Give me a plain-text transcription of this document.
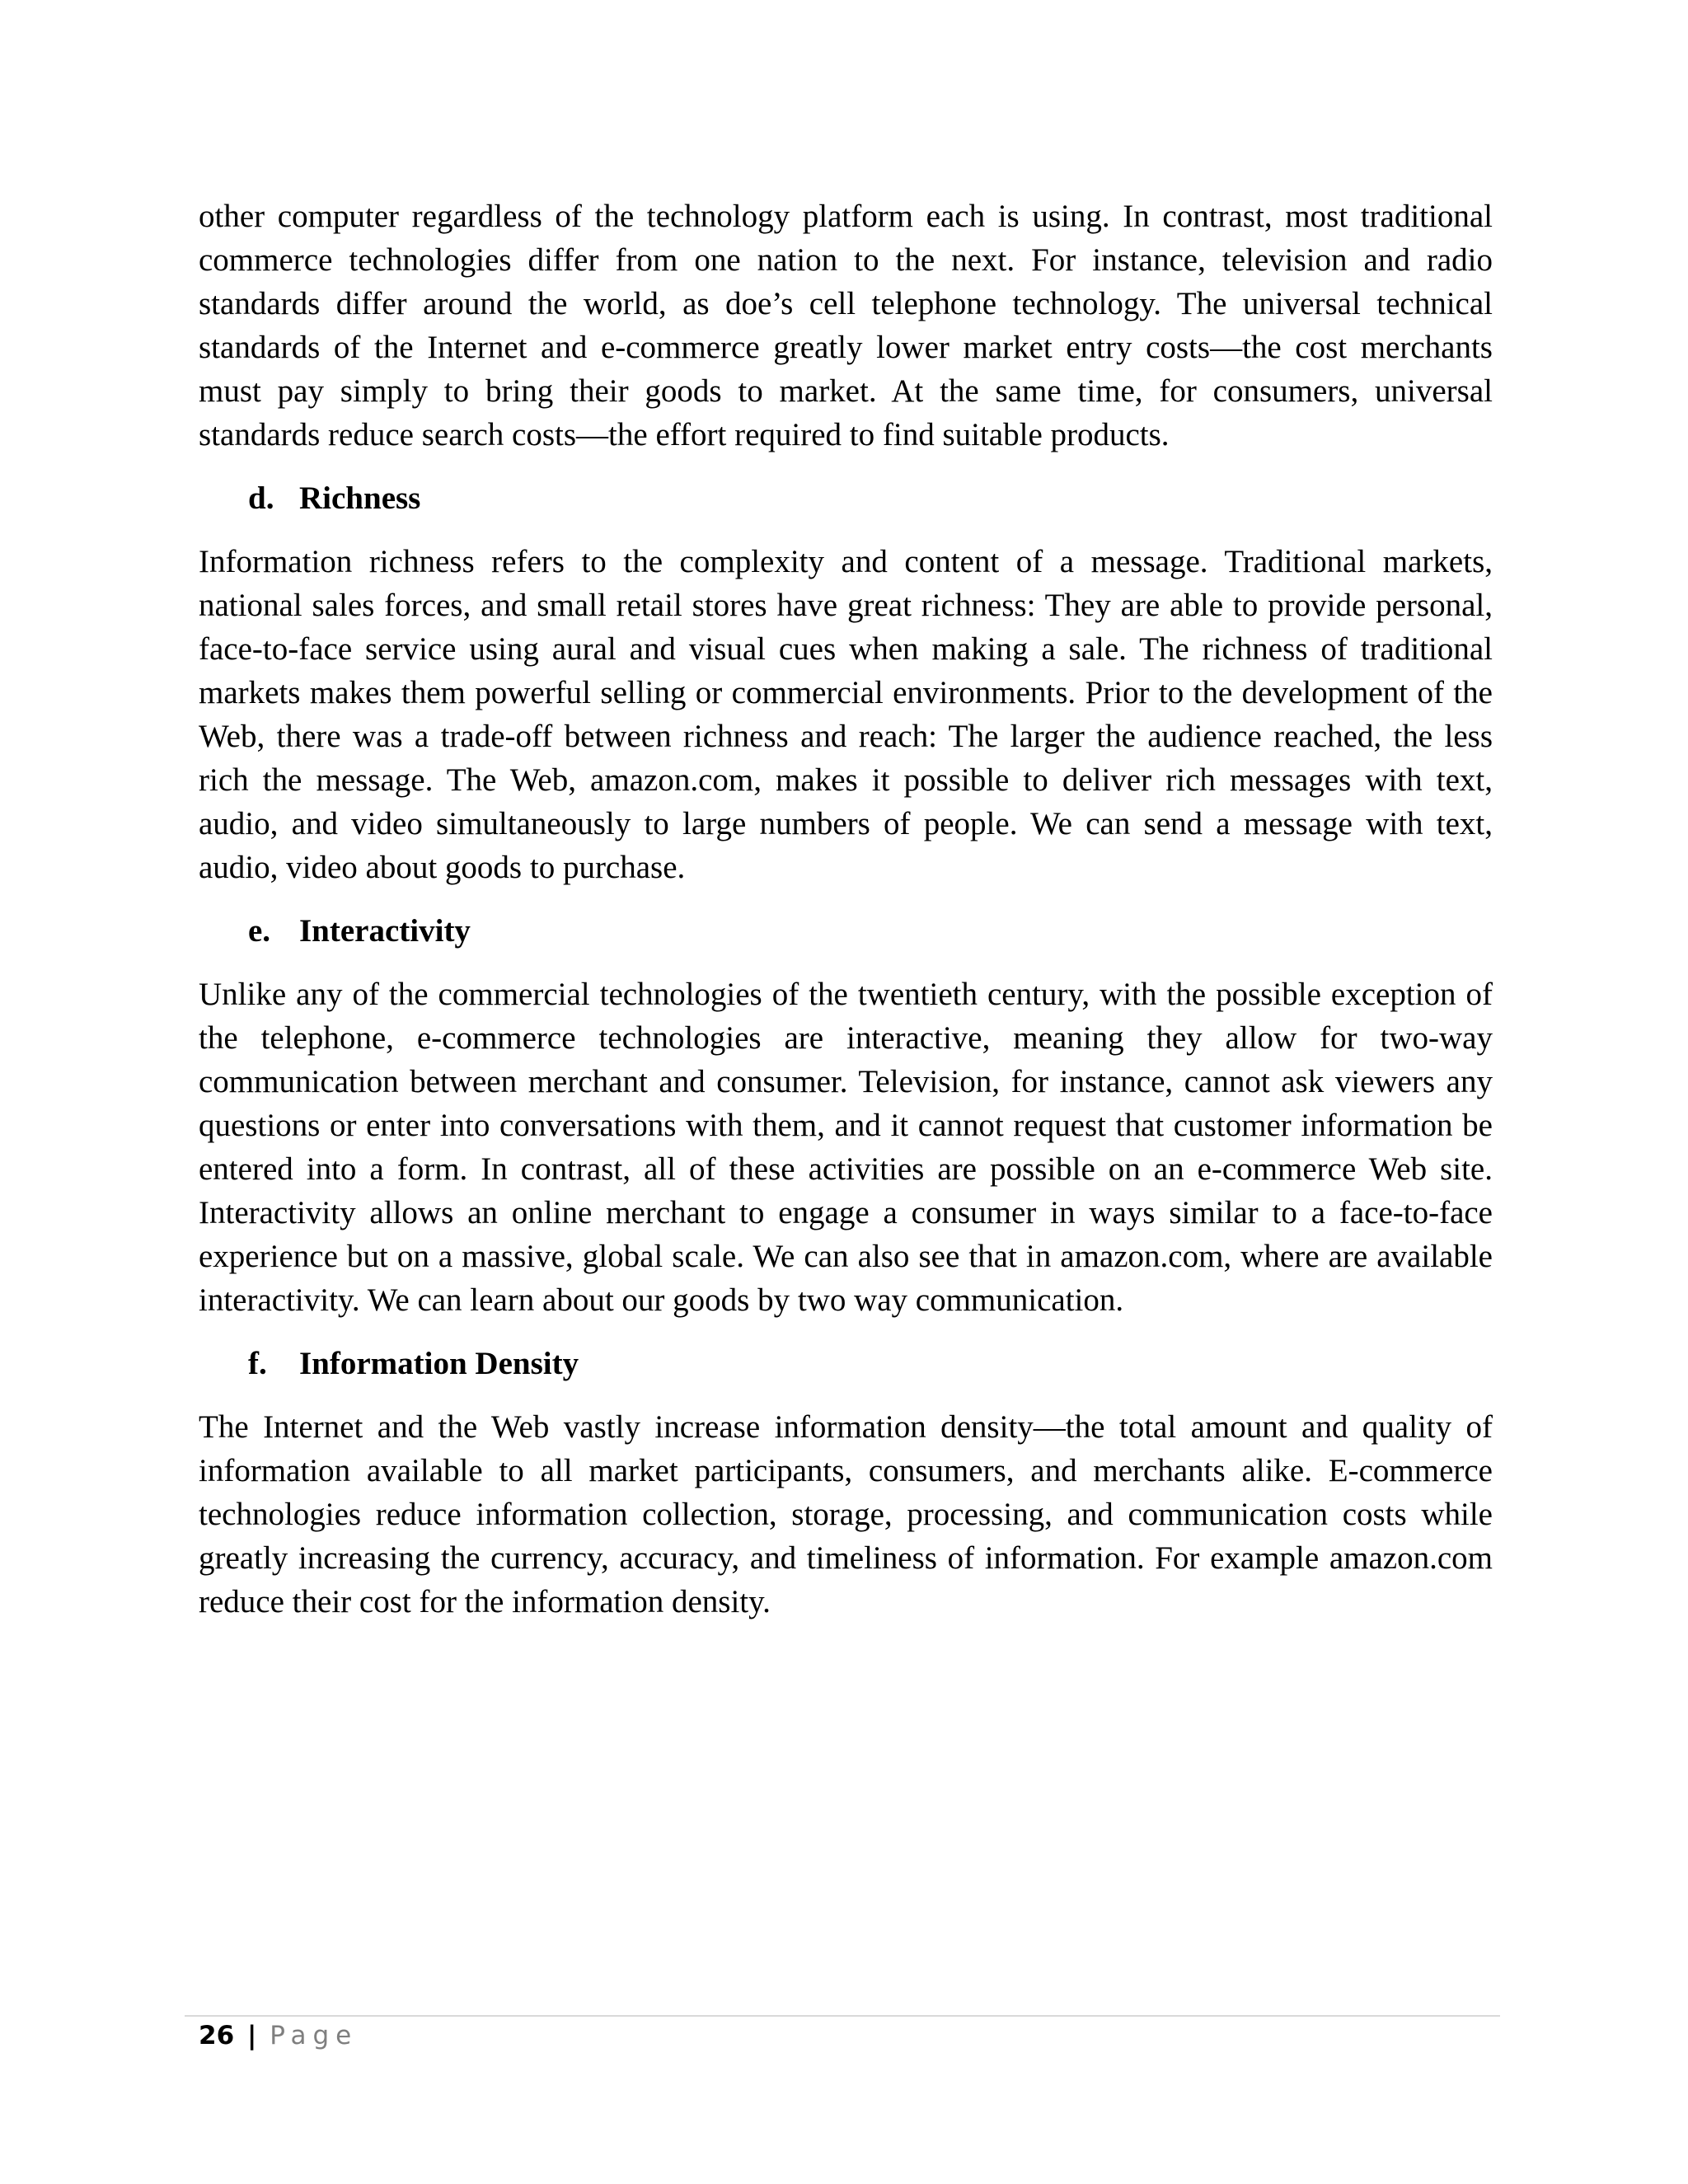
other computer regardless of the technology platform each is using. In contrast, most traditional commerce technologies differ from one nation to the next. For instance, television and radio standards differ around the world, as doe’s cell telephone technology. The universal technical standards of the Internet and e-commerce greatly lower market entry costs—the cost merchants must pay simply to bring their goods to market. At the same time, for consumers, universal standards reduce search costs—the effort required to find suitable products.

d. Richness

Information richness refers to the complexity and content of a message. Traditional markets, national sales forces, and small retail stores have great richness: They are able to provide personal, face-to-face service using aural and visual cues when making a sale. The richness of traditional markets makes them powerful selling or commercial environments. Prior to the development of the Web, there was a trade-off between richness and reach: The larger the audience reached, the less rich the message. The Web, amazon.com, makes it possible to deliver rich messages with text, audio, and video simultaneously to large numbers of people. We can send a message with text, audio, video about goods to purchase.

e. Interactivity

Unlike any of the commercial technologies of the twentieth century, with the possible exception of the telephone, e-commerce technologies are interactive, meaning they allow for two-way communication between merchant and consumer. Television, for instance, cannot ask viewers any questions or enter into conversations with them, and it cannot request that customer information be entered into a form. In contrast, all of these activities are possible on an e-commerce Web site. Interactivity allows an online merchant to engage a consumer in ways similar to a face-to-face experience but on a massive, global scale. We can also see that in amazon.com, where are available interactivity. We can learn about our goods by two way communication.

f. Information Density

The Internet and the Web vastly increase information density—the total amount and quality of information available to all market participants, consumers, and merchants alike. E-commerce technologies reduce information collection, storage, processing, and communication costs while greatly increasing the currency, accuracy, and timeliness of information. For example amazon.com reduce their cost for the information density.

26 | Page
